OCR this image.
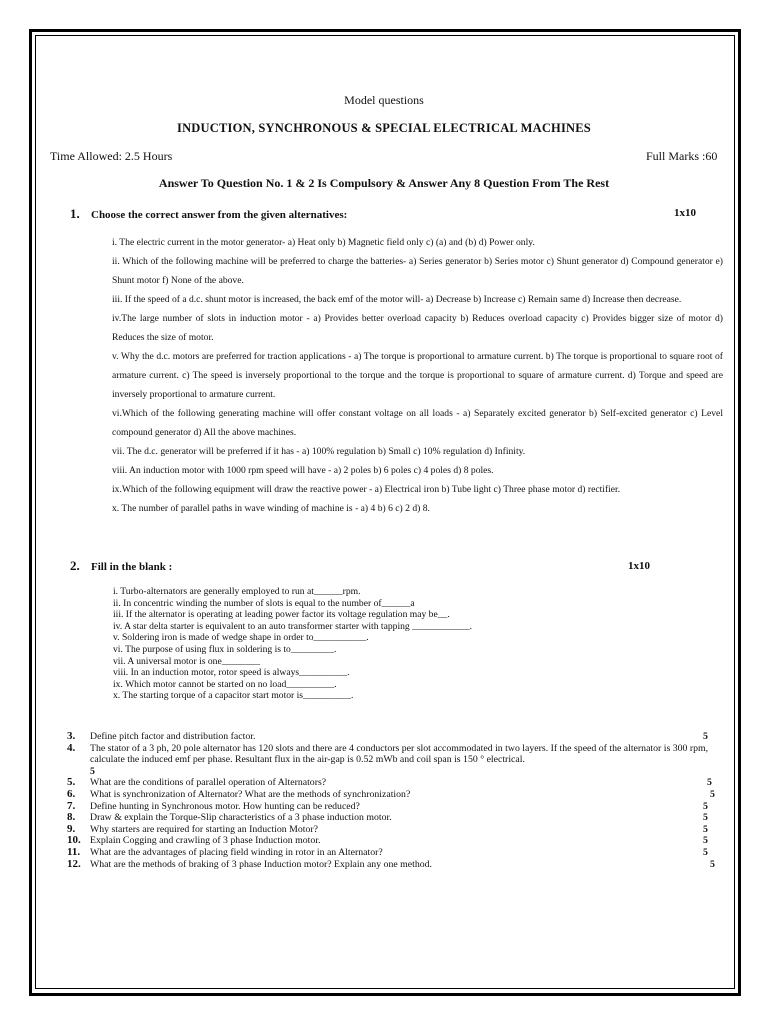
Model questions
INDUCTION, SYNCHRONOUS & SPECIAL ELECTRICAL MACHINES
Time Allowed: 2.5 Hours	Full Marks :60
Answer To Question No. 1 & 2 Is Compulsory & Answer Any 8 Question From The Rest
1. Choose the correct answer from the given alternatives:	1x10

i. The electric current in the motor generator- a) Heat only b) Magnetic field only c) (a) and (b) d) Power only.

ii. Which of the following machine will be preferred to charge the batteries- a) Series generator b) Series motor c) Shunt generator d) Compound generator e) Shunt motor f) None of the above.

iii. If the speed of a d.c. shunt motor is increased, the back emf of the motor will- a) Decrease b) Increase c) Remain same d) Increase then decrease.

iv.The large number of slots in induction motor - a) Provides better overload capacity b) Reduces overload capacity c) Provides bigger size of motor d) Reduces the size of motor.

v. Why the d.c. motors are preferred for traction applications - a) The torque is proportional to armature current. b) The torque is proportional to square root of armature current. c) The speed is inversely proportional to the torque and the torque is proportional to square of armature current. d) Torque and speed are inversely proportional to armature current.

vi.Which of the following generating machine will offer constant voltage on all loads - a) Separately excited generator b) Self-excited generator c) Level compound generator d) All the above machines.

vii. The d.c. generator will be preferred if it has - a) 100% regulation b) Small c) 10% regulation d) Infinity.

viii. An induction motor with 1000 rpm speed will have - a) 2 poles b) 6 poles c) 4 poles d) 8 poles.

ix.Which of the following equipment will draw the reactive power - a) Electrical iron b) Tube light c) Three phase motor d) rectifier.

x. The number of parallel paths in wave winding of machine is - a) 4 b) 6 c) 2 d) 8.

2. Fill in the blank :	1x10

i. Turbo-alternators are generally employed to run at______rpm.

ii. In concentric winding the number of slots is equal to the number of______a

iii. If the alternator is operating at leading power factor its voltage regulation may be__.

iv. A star delta starter is equivalent to an auto transformer starter with tapping ____________.

v. Soldering iron is made of wedge shape in order to___________.

vi. The purpose of using flux in soldering is to_________.

vii. A universal motor is one________

viii. In an induction motor, rotor speed is always__________.

ix. Which motor cannot be started on no load__________.

x. The starting torque of a capacitor start motor is__________.

3. Define pitch factor and distribution factor.	5
4. The stator of a 3 ph, 20 pole alternator has 120 slots and there are 4 conductors per slot accommodated in two layers. If the speed of the alternator is 300 rpm, calculate the induced emf per phase. Resultant flux in the air-gap is 0.52 mWb and coil span is 150 ° electrical.
5
5. What are the conditions of parallel operation of Alternators?	5
6. What is synchronization of Alternator? What are the methods of synchronization?	5
7. Define hunting in Synchronous motor. How hunting can be reduced?	5
8. Draw & explain the Torque-Slip characteristics of a 3 phase induction motor.	5
9. Why starters are required for starting an Induction Motor?	5
10. Explain Cogging and crawling of 3 phase Induction motor.	5
11. What are the advantages of placing field winding in rotor in an Alternator?	5
12. What are the methods of braking of 3 phase Induction motor? Explain any one method.	5
